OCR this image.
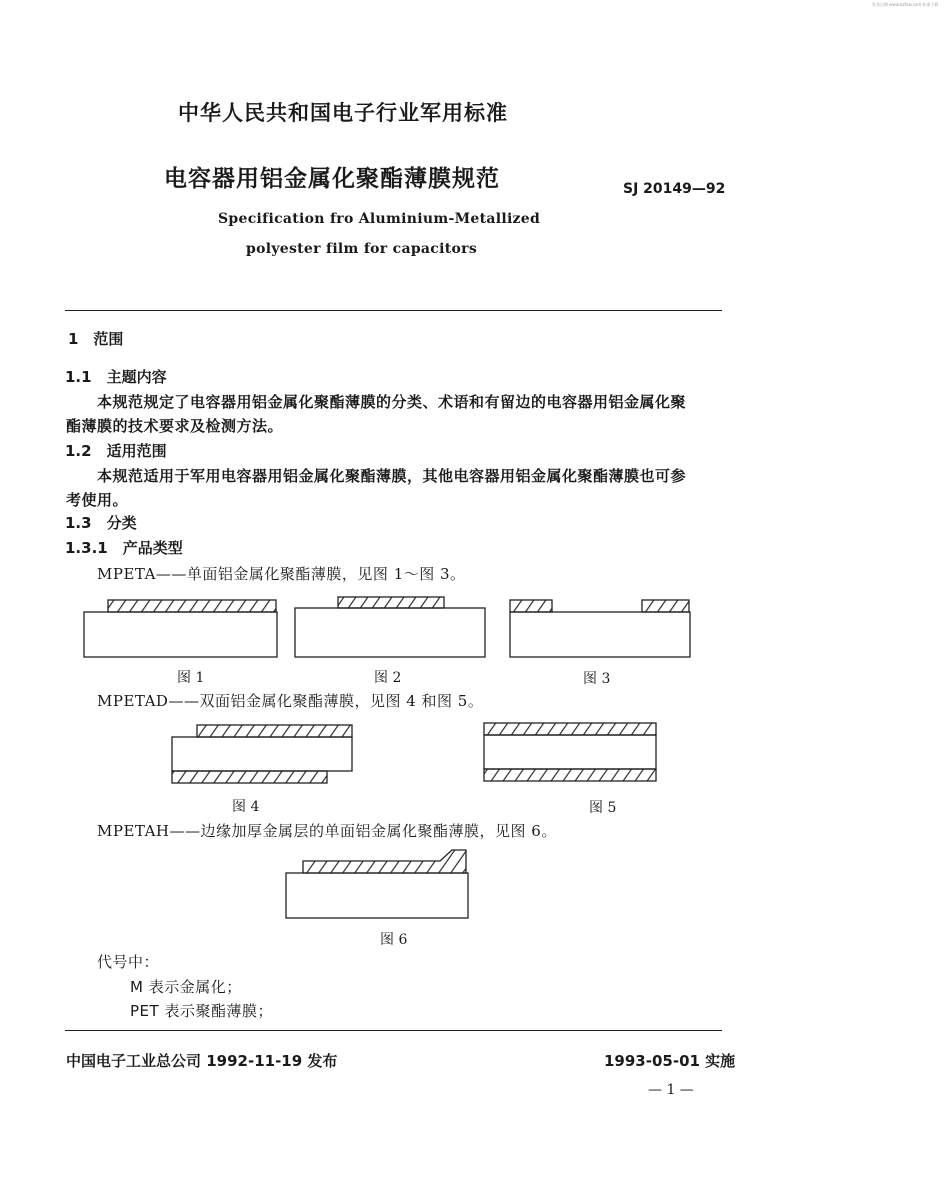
发布日期 www.bzfxw.com 标准下载
中华人民共和国电子行业军用标准
电容器用铝金属化聚酯薄膜规范	SJ 20149—92
Specification fro Aluminium-Metallized
polyester film for capacitors
1　范围
1.1　主题内容
本规范规定了电容器用铝金属化聚酯薄膜的分类、术语和有留边的电容器用铝金属化聚
酯薄膜的技术要求及检测方法。
1.2　适用范围
本规范适用于军用电容器用铝金属化聚酯薄膜，其他电容器用铝金属化聚酯薄膜也可参
考使用。
1.3　分类
1.3.1　产品类型
MPETA——单面铝金属化聚酯薄膜，见图 1～图 3。
图 1	图 2	图 3
MPETAD——双面铝金属化聚酯薄膜，见图 4 和图 5。
图 4	图 5
MPETAH——边缘加厚金属层的单面铝金属化聚酯薄膜，见图 6。
图 6
代号中：
M 表示金属化；
PET 表示聚酯薄膜；
中国电子工业总公司 1992-11-19 发布	1993-05-01 实施
— 1 —
